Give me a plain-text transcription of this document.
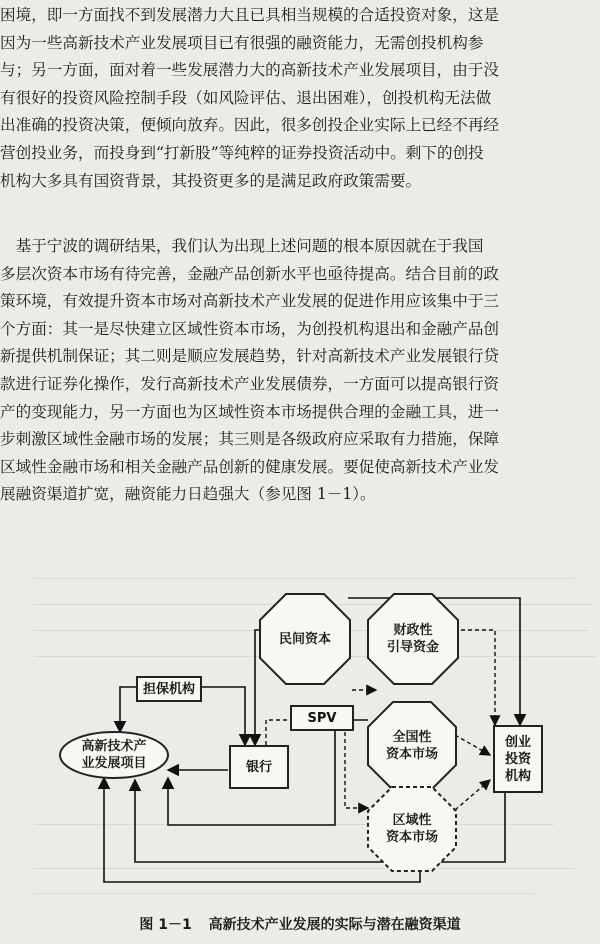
困境，即一方面找不到发展潜力大且已具相当规模的合适投资对象，这是
因为一些高新技术产业发展项目已有很强的融资能力，无需创投机构参
与；另一方面，面对着一些发展潜力大的高新技术产业发展项目，由于没
有很好的投资风险控制手段（如风险评估、退出困难），创投机构无法做
出准确的投资决策，便倾向放弃。因此，很多创投企业实际上已经不再经
营创投业务，而投身到“打新股”等纯粹的证券投资活动中。剩下的创投
机构大多具有国资背景，其投资更多的是满足政府政策需要。
　基于宁波的调研结果，我们认为出现上述问题的根本原因就在于我国
多层次资本市场有待完善，金融产品创新水平也亟待提高。结合目前的政
策环境，有效提升资本市场对高新技术产业发展的促进作用应该集中于三
个方面：其一是尽快建立区域性资本市场，为创投机构退出和金融产品创
新提供机制保证；其二则是顺应发展趋势，针对高新技术产业发展银行贷
款进行证券化操作，发行高新技术产业发展债券，一方面可以提高银行资
产的变现能力，另一方面也为区域性资本市场提供合理的金融工具，进一
步刺激区域性金融市场的发展；其三则是各级政府应采取有力措施，保障
区域性金融市场和相关金融产品创新的健康发展。要促使高新技术产业发
展融资渠道扩宽，融资能力日趋强大（参见图 1－1）。
民间资本
财政性
引导资金
担保机构
SPV
全国性
资本市场
创业
投资
机构
高新技术产
业发展项目	银行
区域性
资本市场
图 1－1 高新技术产业发展的实际与潜在融资渠道
